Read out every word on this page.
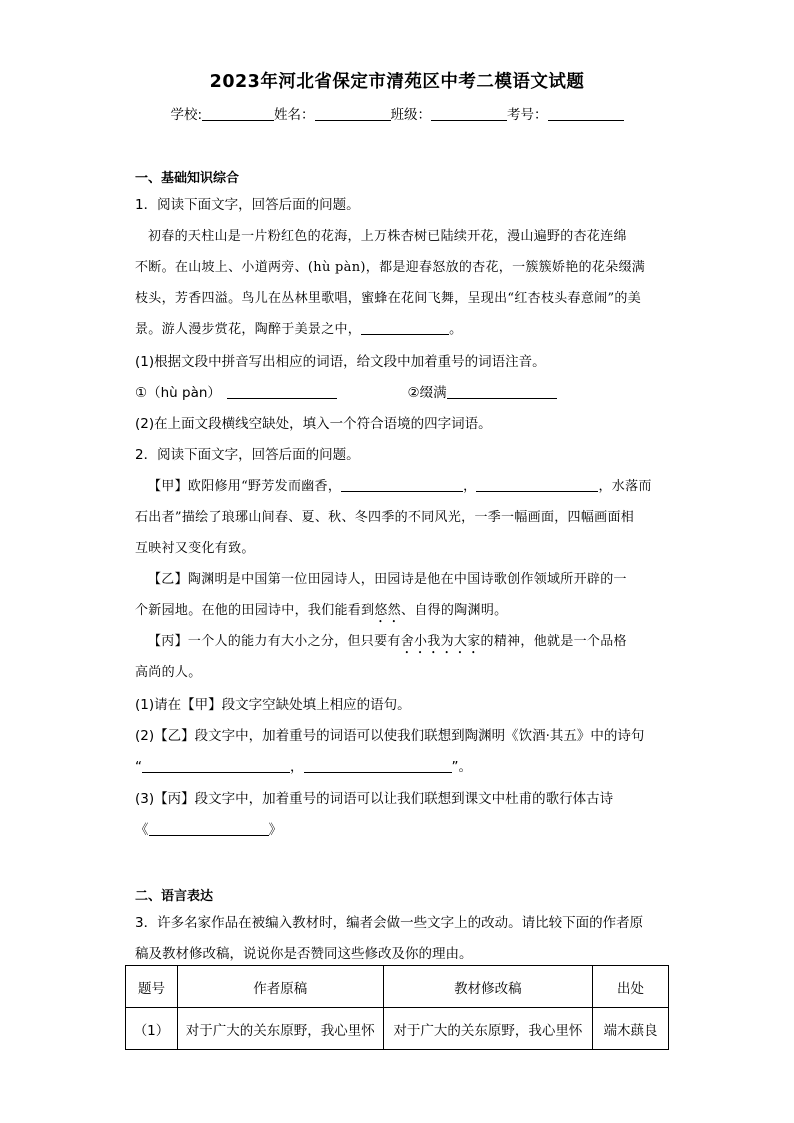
2023年河北省保定市清苑区中考二模语文试题
学校:	姓名：	班级：	考号：
一、基础知识综合
1．阅读下面文字，回答后面的问题。
初春的天柱山是一片粉红色的花海，上万株杏树已陆续开花，漫山遍野的杏花连绵
不断。在山坡上、小道两旁、(hù pàn)，都是迎春怒放的杏花，一簇簇娇艳的花朵缀满
枝头，芳香四溢。鸟儿在丛林里歌唱，蜜蜂在花间飞舞，呈现出“红杏枝头春意闹”的美
景。游人漫步赏花，陶醉于美景之中，	。
(1)根据文段中拼音写出相应的词语，给文段中加着重号的词语注音。
①（hù pàn）	②缀满
(2)在上面文段横线空缺处，填入一个符合语境的四字词语。
2．阅读下面文字，回答后面的问题。
【甲】欧阳修用“野芳发而幽香，	，	，水落而
石出者”描绘了琅琊山间春、夏、秋、冬四季的不同风光，一季一幅画面，四幅画面相
互映衬又变化有致。
【乙】陶渊明是中国第一位田园诗人，田园诗是他在中国诗歌创作领域所开辟的一
个新园地。在他的田园诗中，我们能看到悠然、自得的陶渊明。
【丙】一个人的能力有大小之分，但只要有舍小我为大家的精神，他就是一个品格
高尚的人。
(1)请在【甲】段文字空缺处填上相应的语句。
(2)【乙】段文字中，加着重号的词语可以使我们联想到陶渊明《饮酒·其五》中的诗句
“	，	”。
(3)【丙】段文字中，加着重号的词语可以让我们联想到课文中杜甫的歌行体古诗
《	》
二、语言表达
3．许多名家作品在被编入教材时，编者会做一些文字上的改动。请比较下面的作者原
稿及教材修改稿，说说你是否赞同这些修改及你的理由。
题号	作者原稿	教材修改稿	出处
（1）	对于广大的关东原野，我心里怀	对于广大的关东原野，我心里怀	端木蕻良
